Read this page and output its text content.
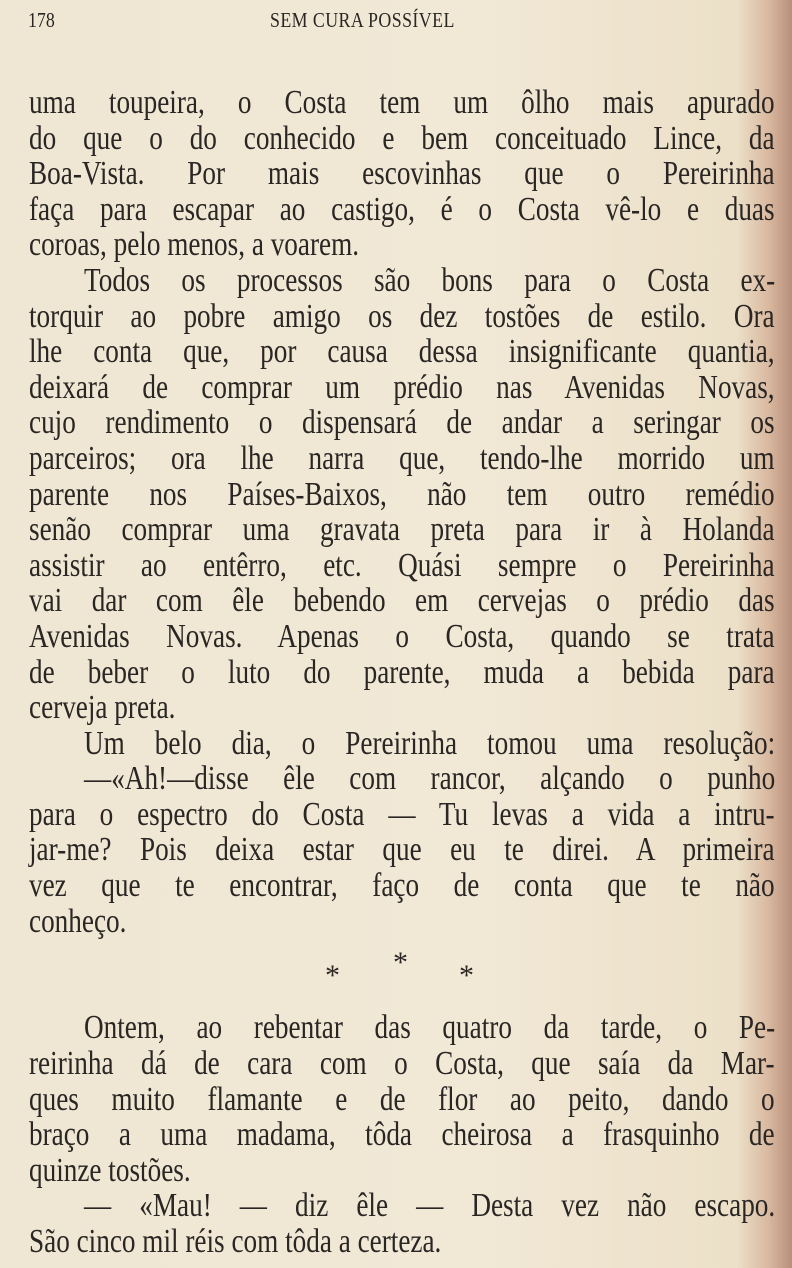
178	SEM CURA POSSÍVEL
uma toupeira, o Costa tem um ôlho mais apurado
do que o do conhecido e bem conceituado Lince, da
Boa-Vista. Por mais escovinhas que o Pereirinha
faça para escapar ao castigo, é o Costa vê-lo e duas
coroas, pelo menos, a voarem.
Todos os processos são bons para o Costa ex-
torquir ao pobre amigo os dez tostões de estilo. Ora
lhe conta que, por causa dessa insignificante quantia,
deixará de comprar um prédio nas Avenidas Novas,
cujo rendimento o dispensará de andar a seringar os
parceiros; ora lhe narra que, tendo-lhe morrido um
parente nos Países-Baixos, não tem outro remédio
senão comprar uma gravata preta para ir à Holanda
assistir ao entêrro, etc. Quási sempre o Pereirinha
vai dar com êle bebendo em cervejas o prédio das
Avenidas Novas. Apenas o Costa, quando se trata
de beber o luto do parente, muda a bebida para
cerveja preta.
Um belo dia, o Pereirinha tomou uma resolução:
—«Ah!—disse êle com rancor, alçando o punho
para o espectro do Costa — Tu levas a vida a intru-
jar-me? Pois deixa estar que eu te direi. A primeira
vez que te encontrar, faço de conta que te não
conheço.
* * *
Ontem, ao rebentar das quatro da tarde, o Pe-
reirinha dá de cara com o Costa, que saía da Mar-
ques muito flamante e de flor ao peito, dando o
braço a uma madama, tôda cheirosa a frasquinho de
quinze tostões.
— «Mau! — diz êle — Desta vez não escapo.
São cinco mil réis com tôda a certeza.
